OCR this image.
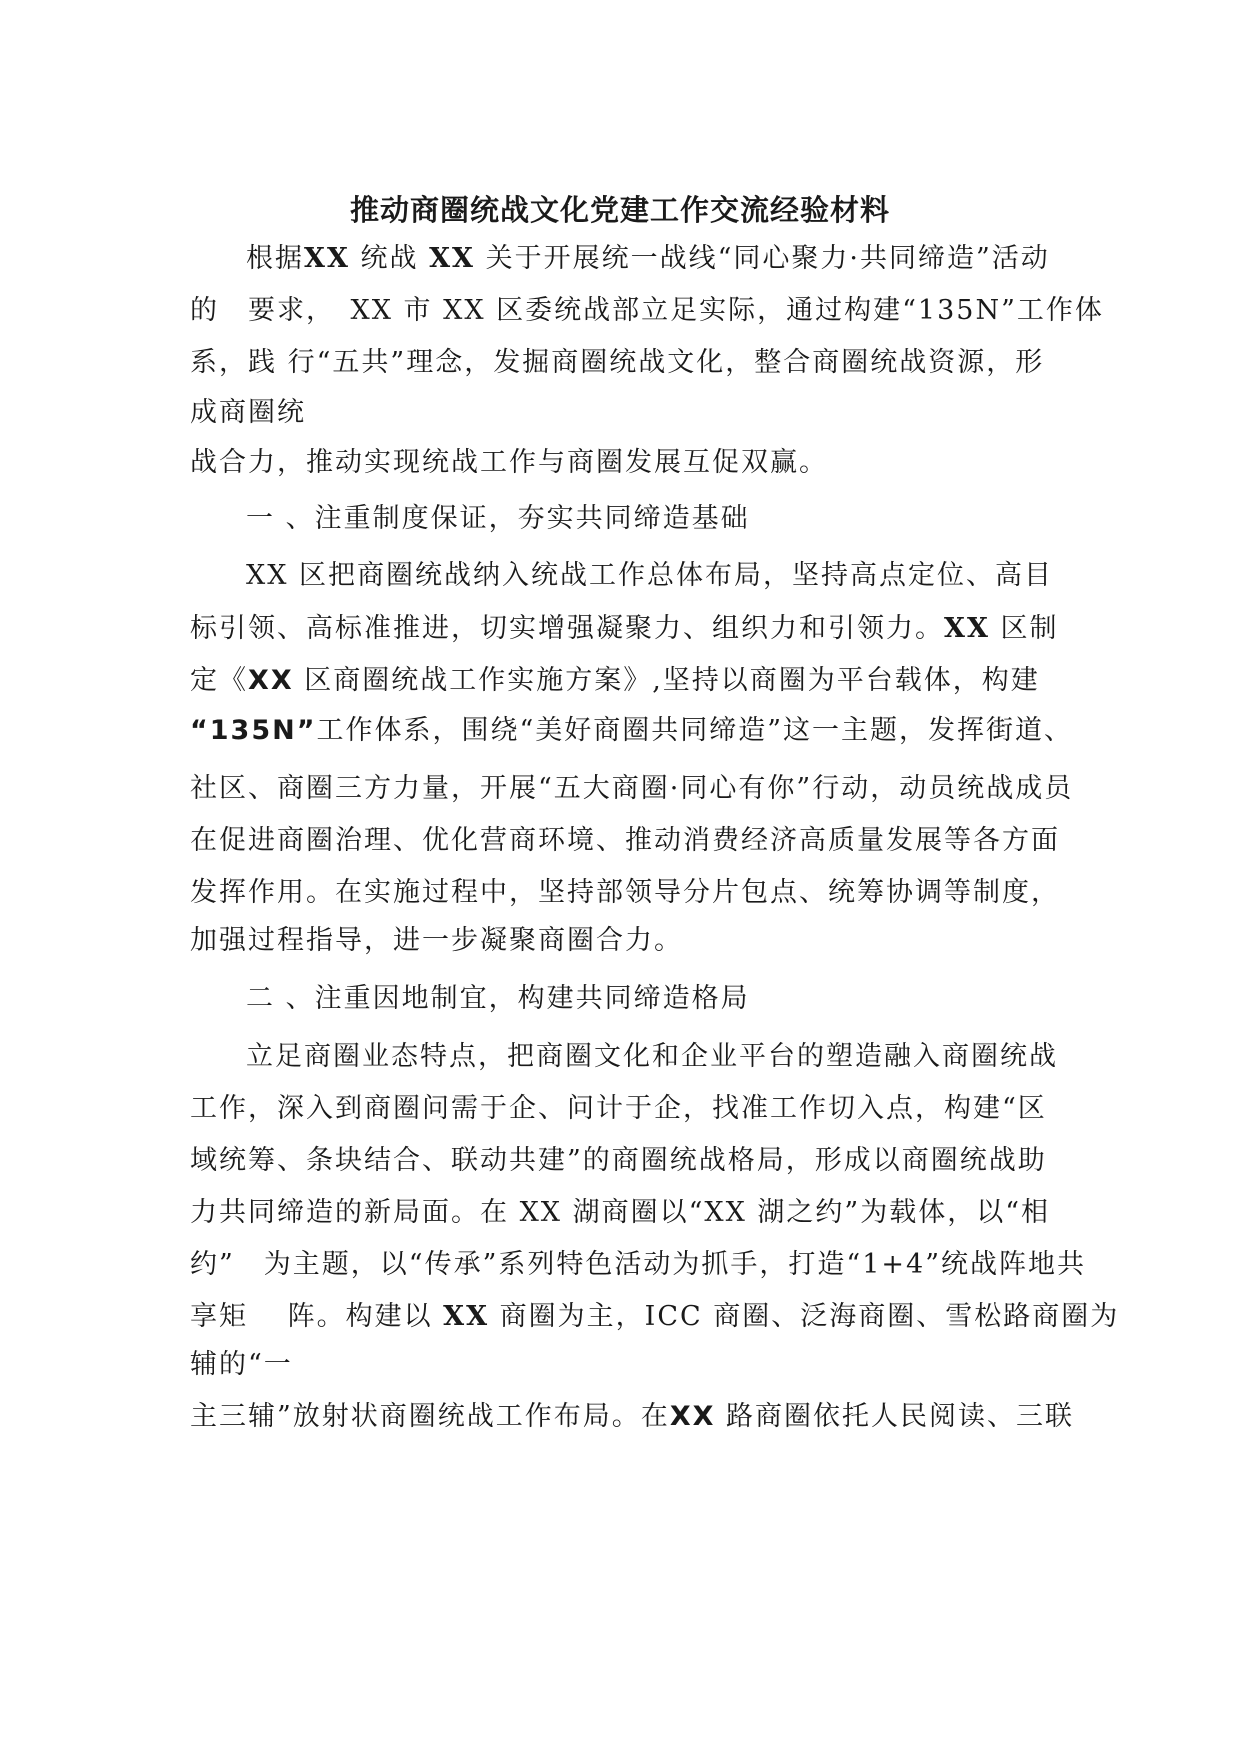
推动商圈统战文化党建工作交流经验材料
根据XX 统战 XX 关于开展统一战线“同心聚力·共同缔造”活动
的　要求，　XX 市 XX 区委统战部立足实际，通过构建“135N”工作体
系，践 行“五共”理念，发掘商圈统战文化，整合商圈统战资源，形
成商圈统
战合力，推动实现统战工作与商圈发展互促双赢。
一 、注重制度保证，夯实共同缔造基础
XX 区把商圈统战纳入统战工作总体布局，坚持高点定位、高目
标引领、高标准推进，切实增强凝聚力、组织力和引领力。XX 区制
定《XX 区商圈统战工作实施方案》,坚持以商圈为平台载体，构建
“135N”工作体系，围绕“美好商圈共同缔造”这一主题，发挥街道、
社区、商圈三方力量，开展“五大商圈·同心有你”行动，动员统战成员
在促进商圈治理、优化营商环境、推动消费经济高质量发展等各方面
发挥作用。在实施过程中，坚持部领导分片包点、统筹协调等制度，
加强过程指导，进一步凝聚商圈合力。
二 、注重因地制宜，构建共同缔造格局
立足商圈业态特点，把商圈文化和企业平台的塑造融入商圈统战
工作，深入到商圈问需于企、问计于企，找准工作切入点，构建“区
域统筹、条块结合、联动共建”的商圈统战格局，形成以商圈统战助
力共同缔造的新局面。在 XX 湖商圈以“XX 湖之约”为载体，以“相
约”　为主题，以“传承”系列特色活动为抓手，打造“1+4”统战阵地共
享矩　 阵。构建以 XX 商圈为主，ICC 商圈、泛海商圈、雪松路商圈为
辅的“一
主三辅”放射状商圈统战工作布局。在XX 路商圈依托人民阅读、三联
